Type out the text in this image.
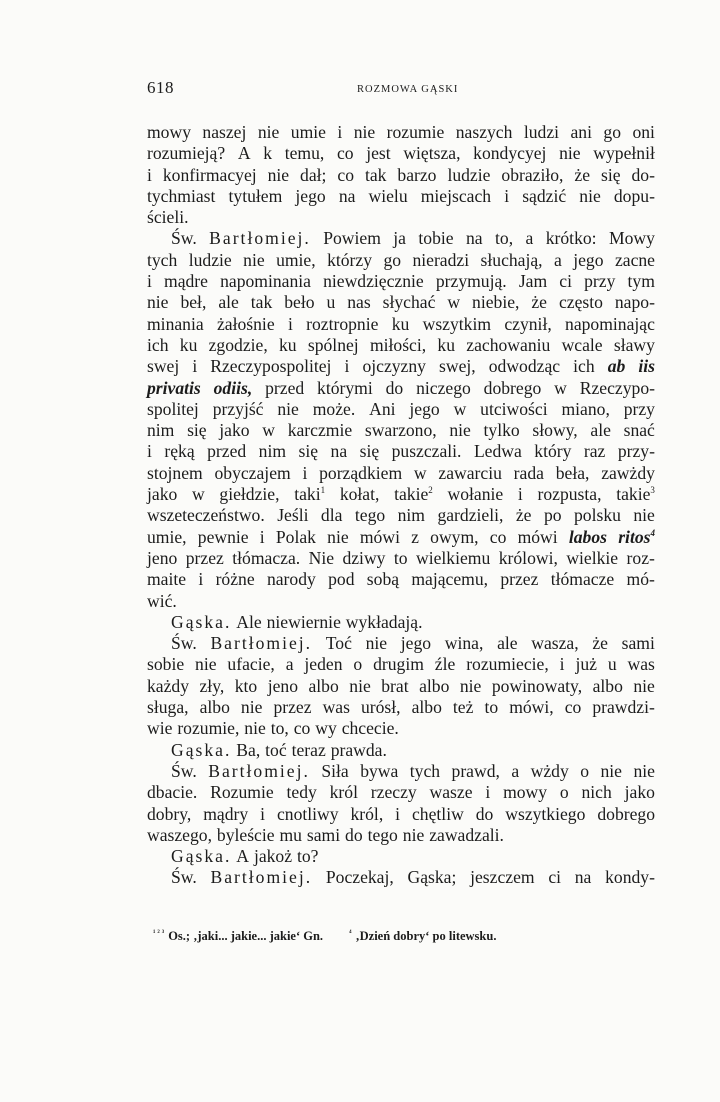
618	ROZMOWA GĄSKI
mowy naszej nie umie i nie rozumie naszych ludzi ani go oni
rozumieją? A k temu, co jest więtsza, kondycyej nie wypełnił
i konfirmacyej nie dał; co tak barzo ludzie obraziło, że się do-
tychmiast tytułem jego na wielu miejscach i sądzić nie dopu-
ścieli.
Św. Bartłomiej. Powiem ja tobie na to, a krótko: Mowy
tych ludzie nie umie, którzy go nieradzi słuchają, a jego zacne
i mądre napominania niewdzięcznie przymują. Jam ci przy tym
nie beł, ale tak beło u nas słychać w niebie, że często napo-
minania żałośnie i roztropnie ku wszytkim czynił, napominając
ich ku zgodzie, ku spólnej miłości, ku zachowaniu wcale sławy
swej i Rzeczypospolitej i ojczyzny swej, odwodząc ich ab iis
privatis odiis, przed którymi do niczego dobrego w Rzeczypo-
spolitej przyjść nie może. Ani jego w utciwości miano, przy
nim się jako w karczmie swarzono, nie tylko słowy, ale snać
i ręką przed nim się na się puszczali. Ledwa który raz przy-
stojnem obyczajem i porządkiem w zawarciu rada beła, zawżdy
jako w giełdzie, taki$^1$ kołat, takie$^2$ wołanie i rozpusta, takie$^3$
wszeteczeństwo. Jeśli dla tego nim gardzieli, że po polsku nie
umie, pewnie i Polak nie mówi z owym, co mówi labos ritos$^4$
jeno przez tłómacza. Nie dziwy to wielkiemu królowi, wielkie roz-
maite i różne narody pod sobą mającemu, przez tłómacze mó-
wić.
Gąska. Ale niewiernie wykładają.
Św. Bartłomiej. Toć nie jego wina, ale wasza, że sami
sobie nie ufacie, a jeden o drugim źle rozumiecie, i już u was
każdy zły, kto jeno albo nie brat albo nie powinowaty, albo nie
sługa, albo nie przez was urósł, albo też to mówi, co prawdzi-
wie rozumie, nie to, co wy chcecie.
Gąska. Ba, toć teraz prawda.
Św. Bartłomiej. Siła bywa tych prawd, a wżdy o nie nie
dbacie. Rozumie tedy król rzeczy wasze i mowy o nich jako
dobry, mądry i cnotliwy król, i chętliw do wszytkiego dobrego
waszego, byleście mu sami do tego nie zawadzali.
Gąska. A jakoż to?
Św. Bartłomiej. Poczekaj, Gąska; jeszczem ci na kondy-
$^{^1 ^2 ^3}$ Os.; ‚jaki... jakie... jakie‘ Gn.	$^{^4}$ ‚Dzień dobry‘ po litewsku.
